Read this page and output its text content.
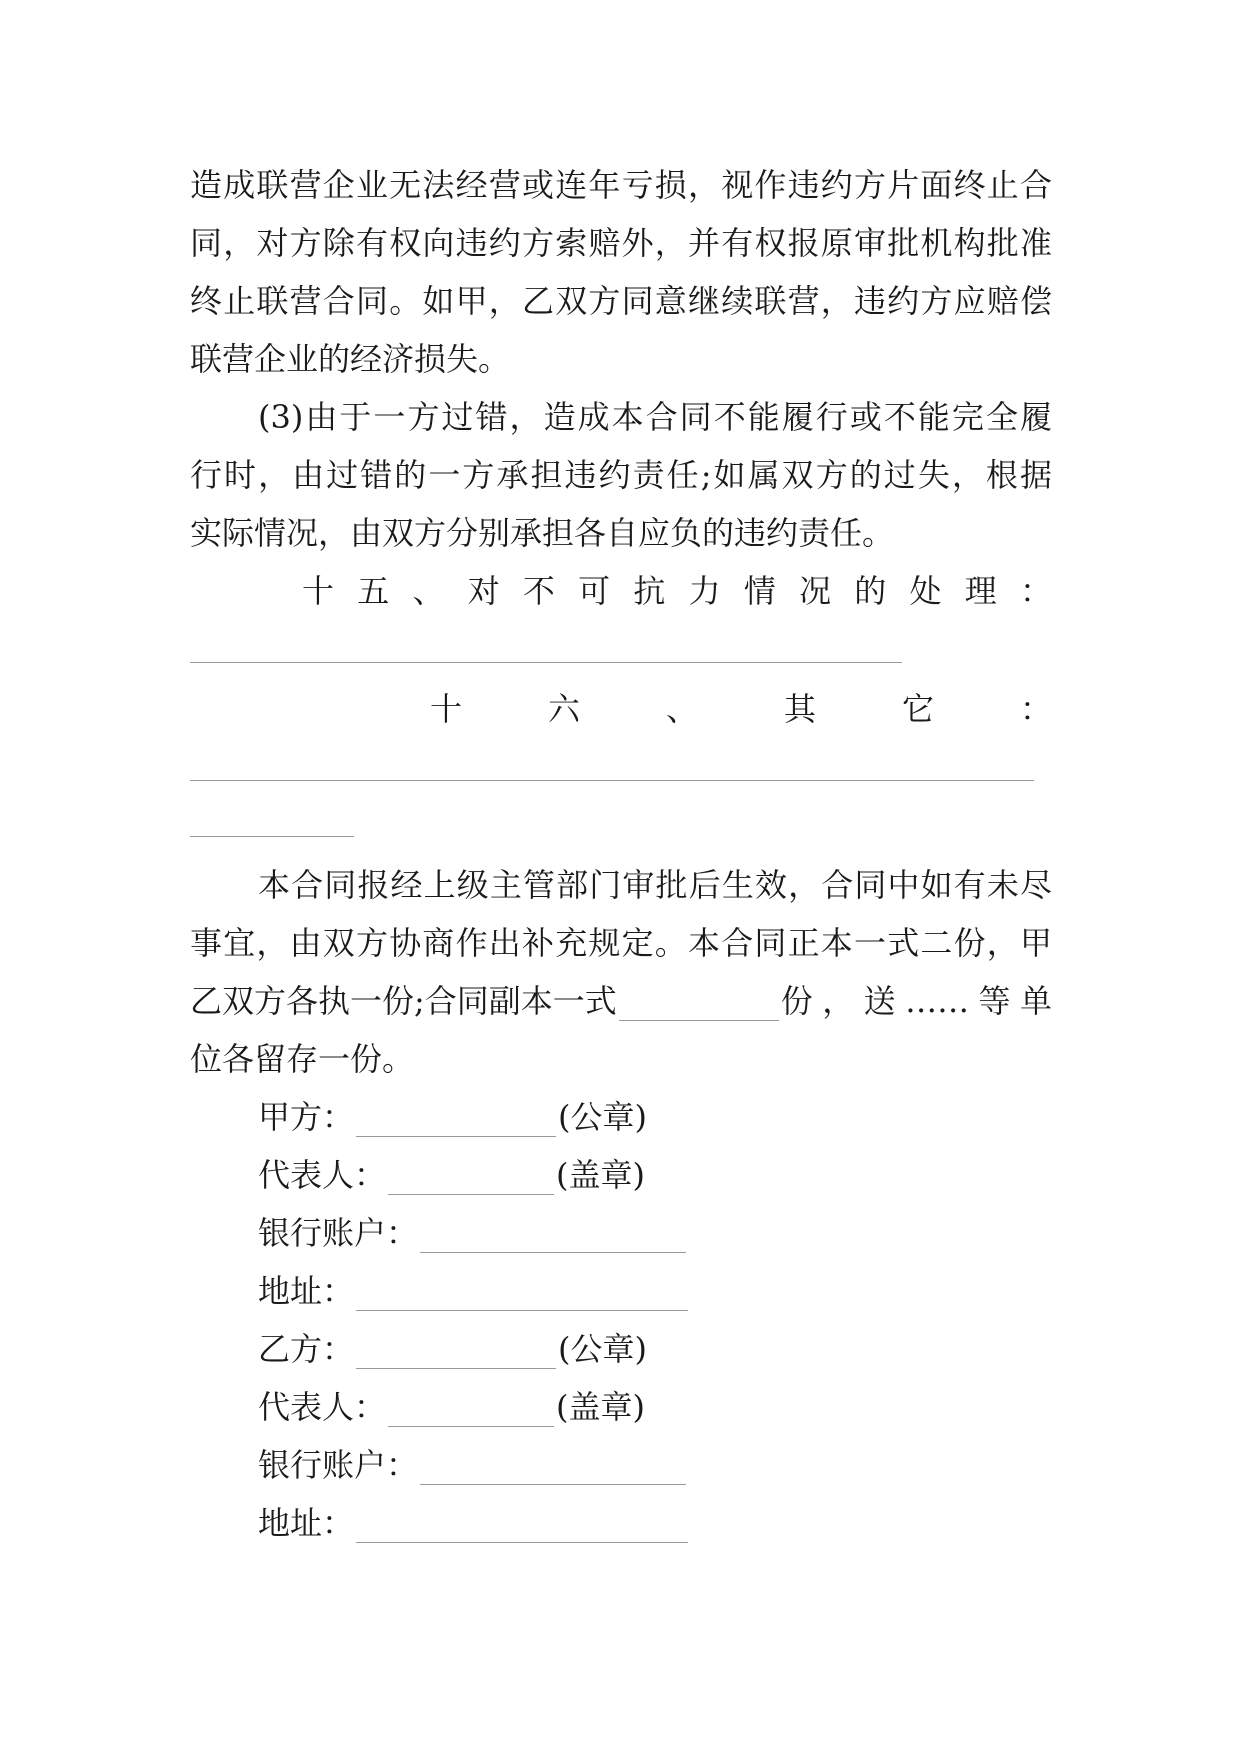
造成联营企业无法经营或连年亏损，视作违约方片面终止合
同，对方除有权向违约方索赔外，并有权报原审批机构批准
终止联营合同。如甲，乙双方同意继续联营，违约方应赔偿
联营企业的经济损失。
(3)由于一方过错，造成本合同不能履行或不能完全履
行时，由过错的一方承担违约责任;如属双方的过失，根据
实际情况，由双方分别承担各自应负的违约责任。
十五、对不可抗力情况的处理：
十六、其它：
本合同报经上级主管部门审批后生效，合同中如有未尽
事宜，由双方协商作出补充规定。本合同正本一式二份，甲
乙双方各执一份;合同副本一式	份，送……等单
位各留存一份。
甲方：	(公章)
代表人：	(盖章)
银行账户：
地址：
乙方：	(公章)
代表人：	(盖章)
银行账户：
地址：
